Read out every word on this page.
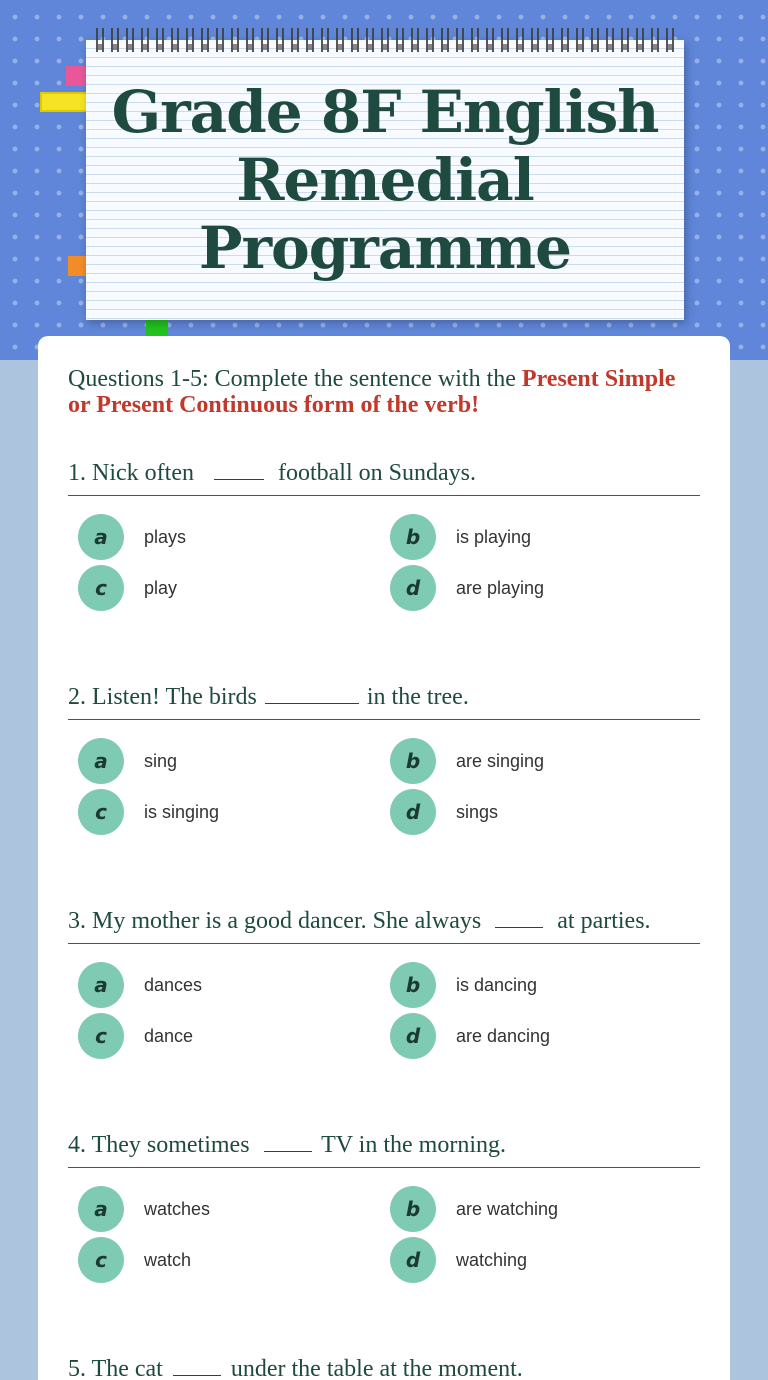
Grade 8F English Remedial Programme
Questions 1-5: Complete the sentence with the Present Simple or Present Continuous form of the verb!
1. Nick often	football on Sundays.
a	plays	b	is playing
c	play	d	are playing
2. Listen! The birds	in the tree.
a	sing	b	are singing
c	is singing	d	sings
3. My mother is a good dancer. She always	at parties.
a	dances	b	is dancing
c	dance	d	are dancing
4. They sometimes	TV in the morning.
a	watches	b	are watching
c	watch	d	watching
5. The cat	under the table at the moment.
